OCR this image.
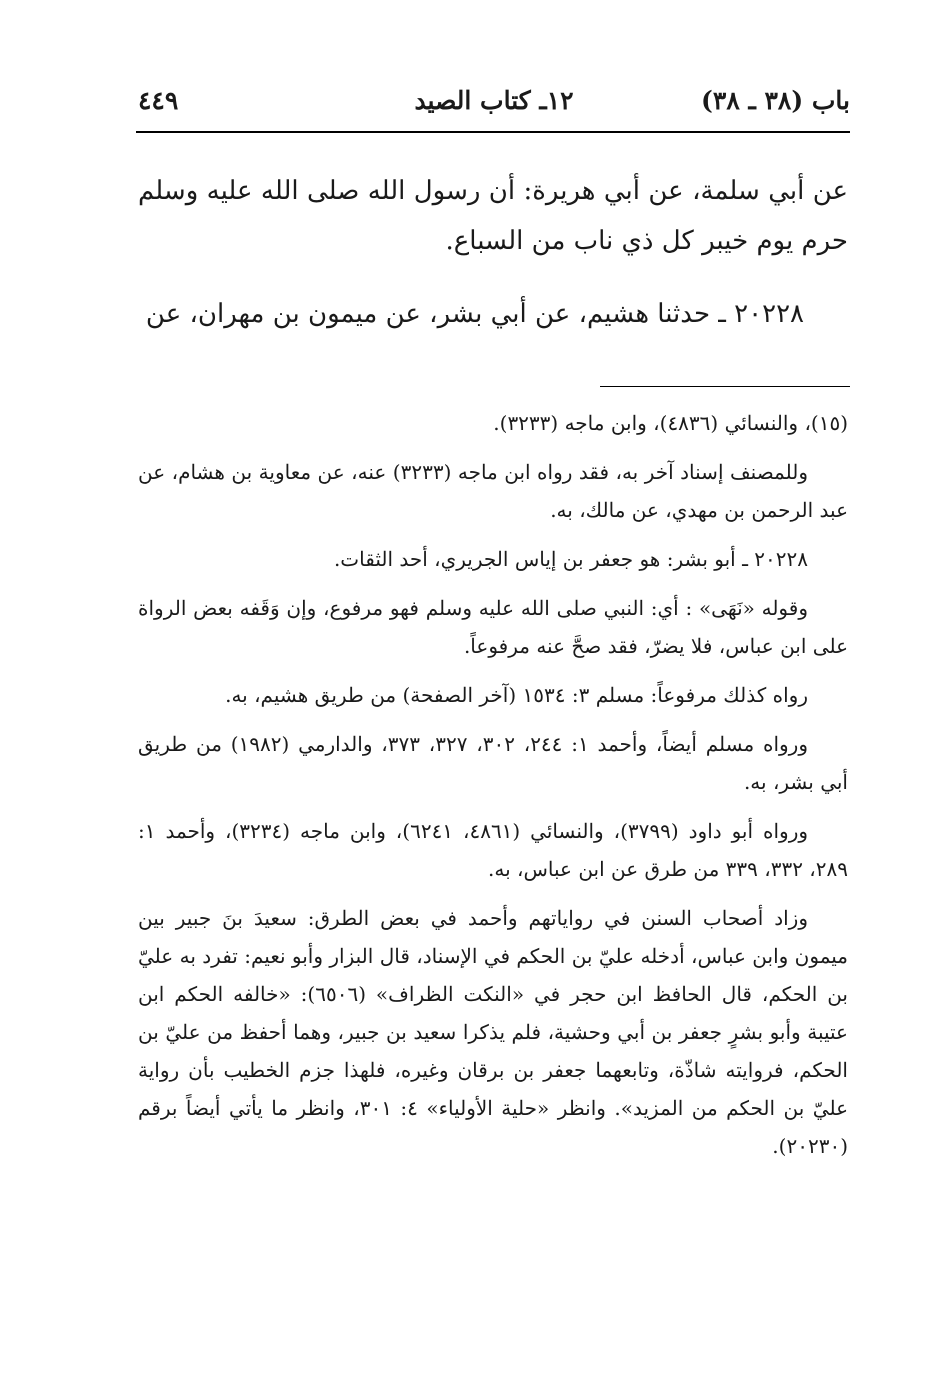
باب (٣٨ ـ ٣٨)
١٢ـ كتاب الصيد
٤٤٩

عن أبي سلمة، عن أبي هريرة: أن رسول الله صلى الله عليه وسلم حرم يوم خيبر كل ذي ناب من السباع.

٢٠٢٢٨ ـ حدثنا هشيم، عن أبي بشر، عن ميمون بن مهران، عن

(١٥)، والنسائي (٤٨٣٦)، وابن ماجه (٣٢٣٣).

وللمصنف إسناد آخر به، فقد رواه ابن ماجه (٣٢٣٣) عنه، عن معاوية بن هشام، عن عبد الرحمن بن مهدي، عن مالك، به.

٢٠٢٢٨ ـ أبو بشر: هو جعفر بن إياس الجريري، أحد الثقات.

وقوله «نَهَى» : أي: النبي صلى الله عليه وسلم فهو مرفوع، وإن وَقَفه بعض الرواة على ابن عباس، فلا يضرّ، فقد صحَّ عنه مرفوعاً.

رواه كذلك مرفوعاً: مسلم ٣: ١٥٣٤ (آخر الصفحة) من طريق هشيم، به.

ورواه مسلم أيضاً، وأحمد ١: ٢٤٤، ٣٠٢، ٣٢٧، ٣٧٣، والدارمي (١٩٨٢) من طريق أبي بشر، به.

ورواه أبو داود (٣٧٩٩)، والنسائي (٤٨٦١، ٦٢٤١)، وابن ماجه (٣٢٣٤)، وأحمد ١: ٢٨٩، ٣٣٢، ٣٣٩ من طرق عن ابن عباس، به.

وزاد أصحاب السنن في رواياتهم وأحمد في بعض الطرق: سعيدَ بنَ جبير بين ميمون وابن عباس، أدخله عليّ بن الحكم في الإسناد، قال البزار وأبو نعيم: تفرد به عليّ بن الحكم، قال الحافظ ابن حجر في «النكت الظراف» (٦٥٠٦): «خالفه الحكم ابن عتيبة وأبو بشرٍ جعفر بن أبي وحشية، فلم يذكرا سعيد بن جبير، وهما أحفظ من عليّ بن الحكم، فروايته شاذّة، وتابعهما جعفر بن برقان وغيره، فلهذا جزم الخطيب بأن رواية عليّ بن الحكم من المزيد». وانظر «حلية الأولياء» ٤: ٣٠١، وانظر ما يأتي أيضاً برقم (٢٠٢٣٠).
